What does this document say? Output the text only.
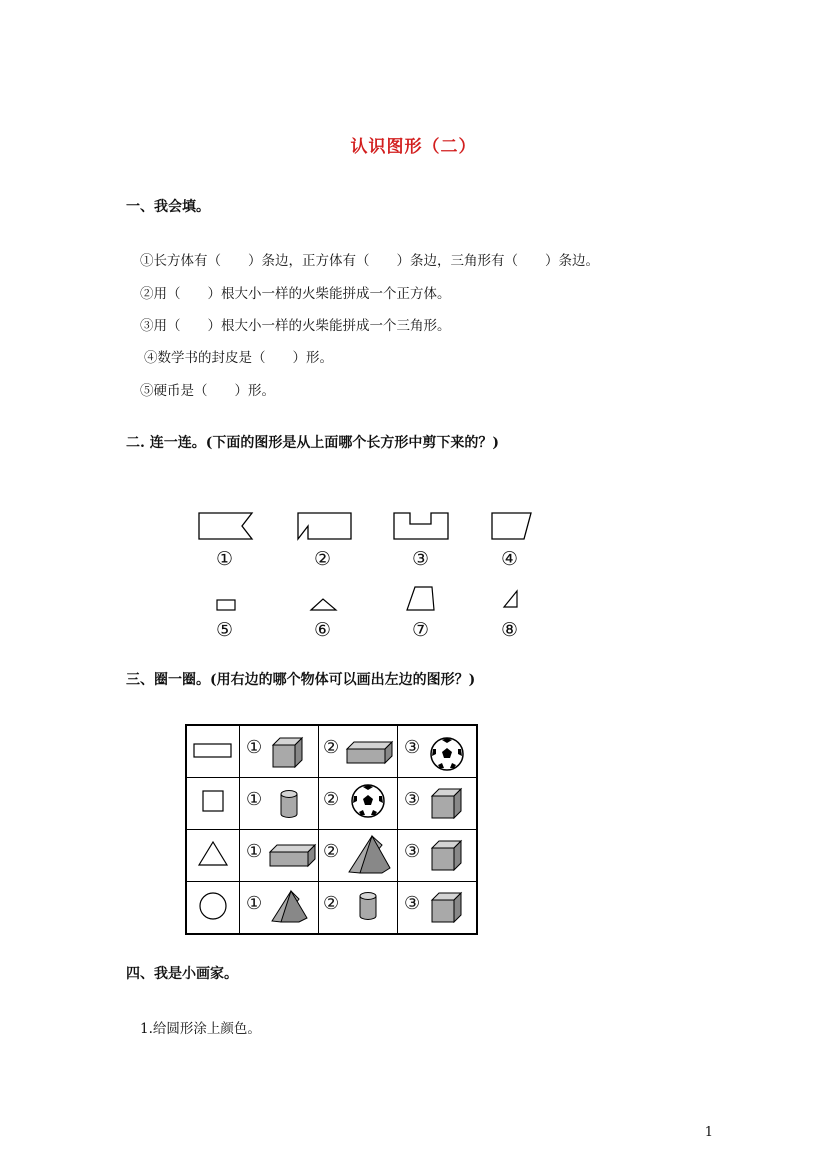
认识图形（二）
一、我会填。
①长方体有（　　）条边，正方体有（　　）条边，三角形有（　　）条边。
②用（　　）根大小一样的火柴能拼成一个正方体。
③用（　　）根大小一样的火柴能拼成一个三角形。
④数学书的封皮是（　　）形。
⑤硬币是（　　）形。
二. 连一连。(下面的图形是从上面哪个长方形中剪下来的？)
①	②	③	④
⑤	⑥	⑦	⑧
三、圈一圈。(用右边的哪个物体可以画出左边的图形？)

①	②	③

①	②	③

①	②	③

①	②	③
四、我是小画家。
1.给圆形涂上颜色。
1
